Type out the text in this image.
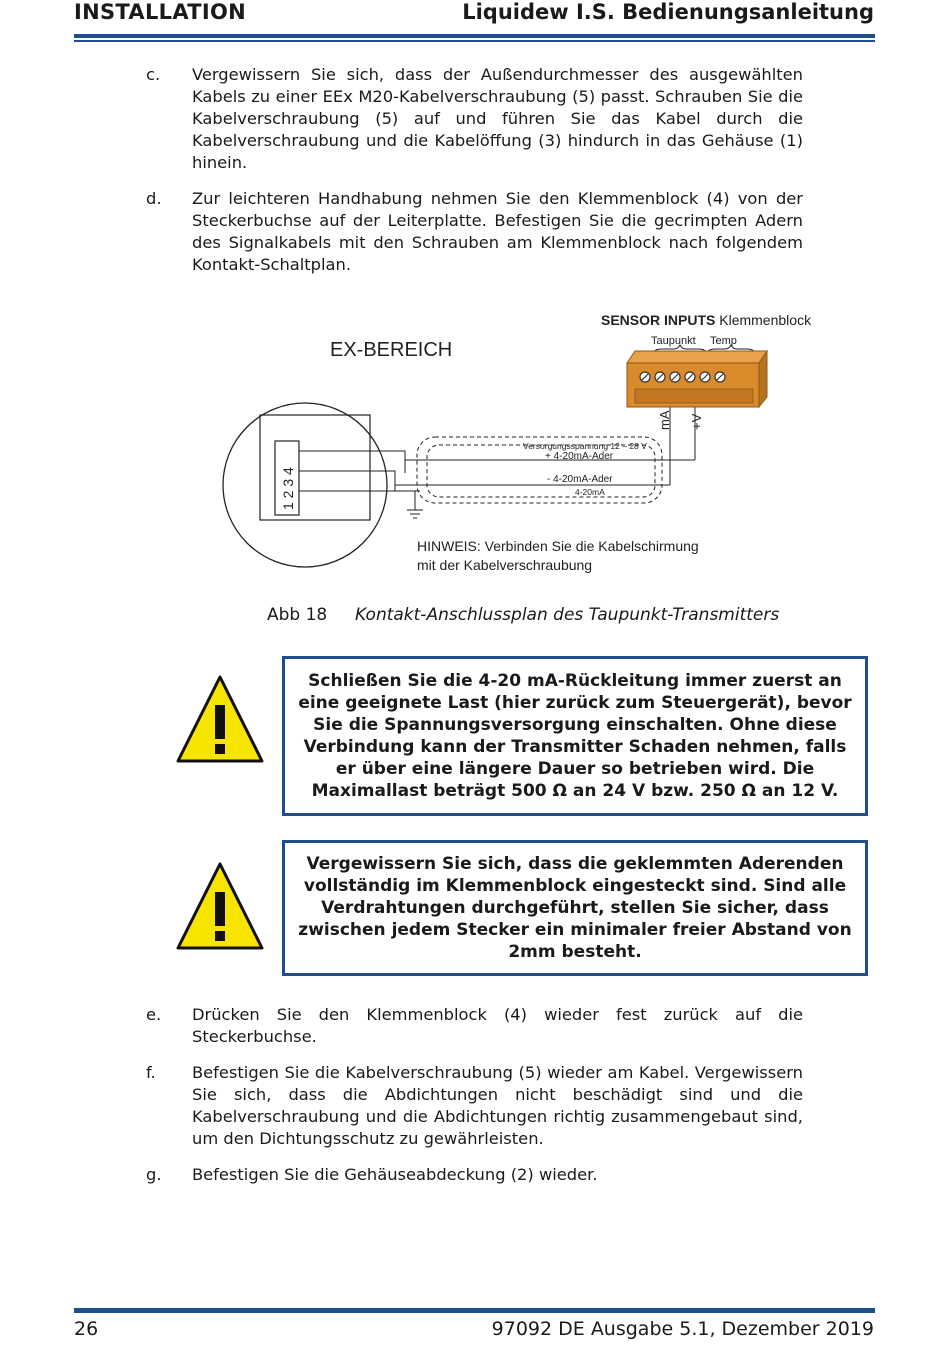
INSTALLATION	Liquidew I.S. Bedienungsanleitung
c.	Vergewissern Sie sich, dass der Außendurchmesser des ausgewählten Kabels zu einer EEx M20-Kabelverschraubung (5) passt. Schrauben Sie die Kabelverschraubung (5) auf und führen Sie das Kabel durch die Kabelverschraubung und die Kabelöffung (3) hindurch in das Gehäuse (1) hinein.
d.	Zur leichteren Handhabung nehmen Sie den Klemmenblock (4) von der Steckerbuchse auf der Leiterplatte. Befestigen Sie die gecrimpten Adern des Signalkabels mit den Schrauben am Klemmenblock nach folgendem Kontakt-Schaltplan.
EX-BEREICH
1 2 3 4
Versorgungsspannung 12 – 28 V
+ 4-20mA-Ader
- 4-20mA-Ader
4-20mA
mA +V
SENSOR INPUTS Klemmenblock
Taupunkt Temp
HINWEIS: Verbinden Sie die Kabelschirmung
mit der Kabelverschraubung
Abb 18 Kontakt-Anschlussplan des Taupunkt-Transmitters
Schließen Sie die 4-20 mA-Rückleitung immer zuerst an eine geeignete Last (hier zurück zum Steuergerät), bevor Sie die Spannungsversorgung einschalten. Ohne diese Verbindung kann der Transmitter Schaden nehmen, falls er über eine längere Dauer so betrieben wird. Die Maximallast beträgt 500 Ω an 24 V bzw. 250 Ω an 12 V.
Vergewissern Sie sich, dass die geklemmten Aderenden vollständig im Klemmenblock eingesteckt sind. Sind alle Verdrahtungen durchgeführt, stellen Sie sicher, dass zwischen jedem Stecker ein minimaler freier Abstand von 2mm besteht.
e.	Drücken Sie den Klemmenblock (4) wieder fest zurück auf die Steckerbuchse.
f.	Befestigen Sie die Kabelverschraubung (5) wieder am Kabel. Vergewissern Sie sich, dass die Abdichtungen nicht beschädigt sind und die Kabelverschraubung und die Abdichtungen richtig zusammengebaut sind, um den Dichtungsschutz zu gewährleisten.
g.	Befestigen Sie die Gehäuseabdeckung (2) wieder.
26	97092 DE Ausgabe 5.1, Dezember 2019
